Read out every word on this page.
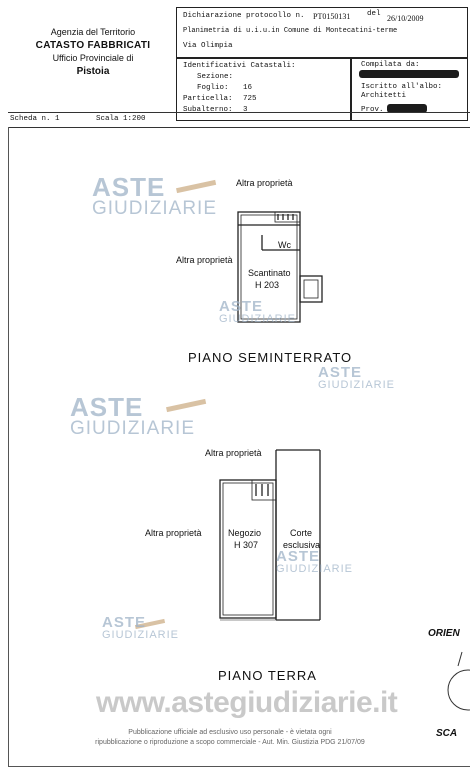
Agenzia del Territorio
CATASTO FABBRICATI
Ufficio Provinciale di
Pistoia
Dichiarazione protocollo n. PT0150131 del 26/10/2009
Planimetria di u.i.u.in Comune di Montecatini-terme
Via Olimpia
Identificativi Catastali:
Sezione:
Foglio: 16
Particella: 725
Subalterno: 3
Compilata da:
Iscritto all'albo:
Architetti
Prov.
Scheda n. 1	Scala 1:200
Altra proprietà
Altra proprietà
Wc
Scantinato
H 203
PIANO SEMINTERRATO
Altra proprietà
Altra proprietà	Negozio
H 307
Corte
esclusiva
PIANO TERRA
ORIEN
SCA
ASTE
GIUDIZIARIE
ASTE
GIUDIZIARIE
ASTE
GIUDIZIARIE
ASTE
GIUDIZIARIE
ASTE
GIUDIZIARIE
ASTE
GIUDIZIARIE
www.astegiudiziarie.it
Pubblicazione ufficiale ad esclusivo uso personale - è vietata ogni
ripubblicazione o riproduzione a scopo commerciale - Aut. Min. Giustizia PDG 21/07/09
